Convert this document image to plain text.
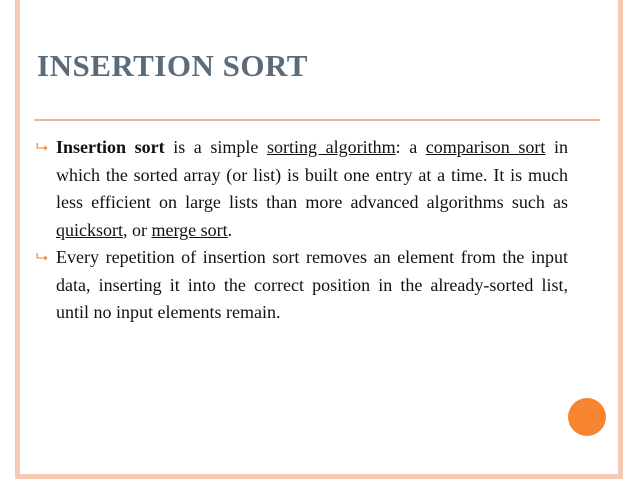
INSERTION SORT
⮡ Insertion sort is a simple sorting algorithm: a comparison sort in which the sorted array (or list) is built one entry at a time. It is much less efficient on large lists than more advanced algorithms such as quicksort, or merge sort.
⮡ Every repetition of insertion sort removes an element from the input data, inserting it into the correct position in the already-sorted list, until no input elements remain.
